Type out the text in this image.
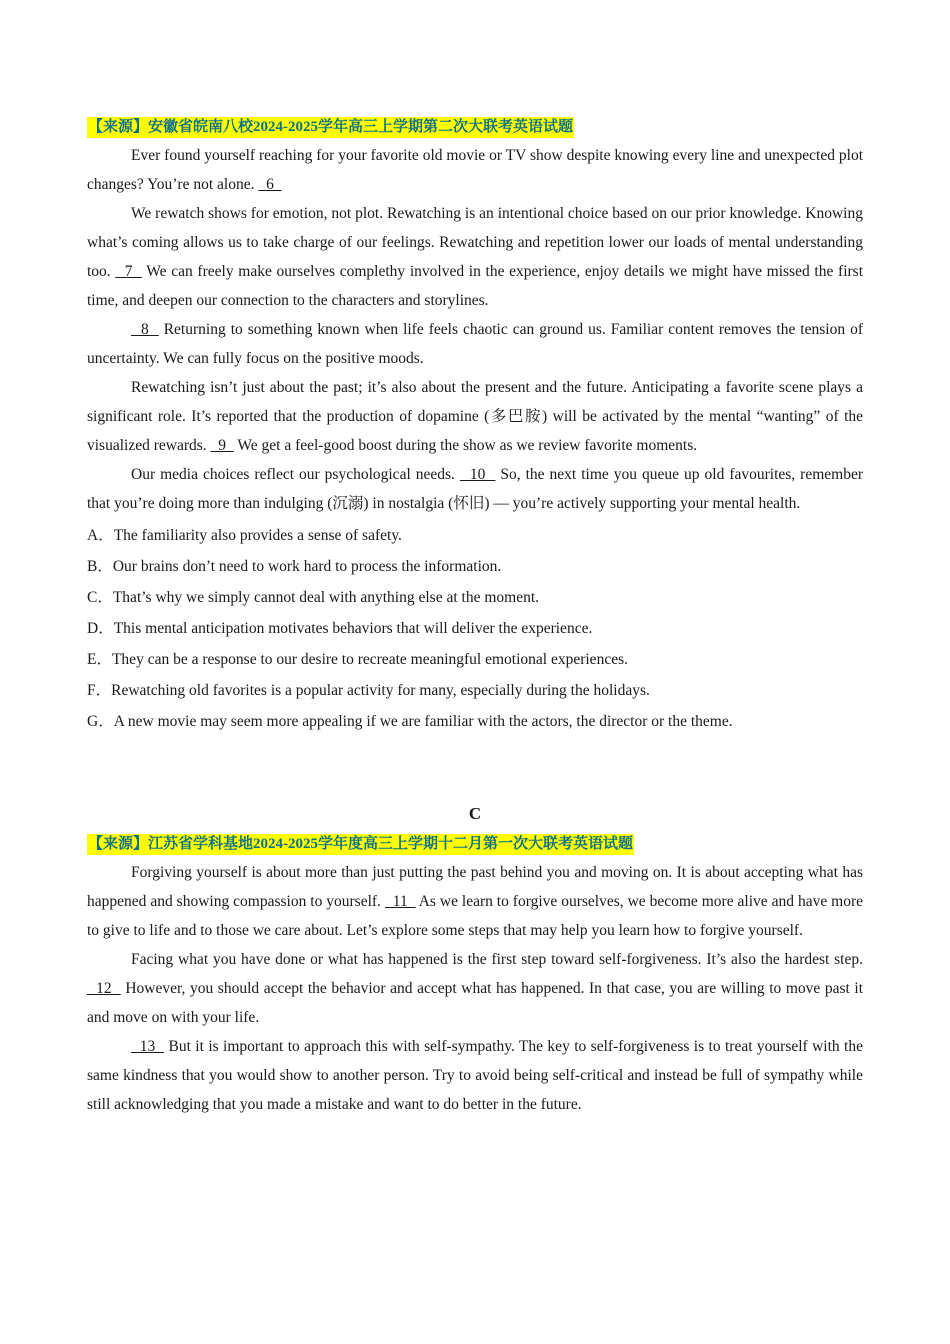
【来源】安徽省皖南八校2024-2025学年高三上学期第二次大联考英语试题

Ever found yourself reaching for your favorite old movie or TV show despite knowing every line and unexpected plot changes? You’re not alone.   6

We rewatch shows for emotion, not plot. Rewatching is an intentional choice based on our prior knowledge. Knowing what’s coming allows us to take charge of our feelings. Rewatching and repetition lower our loads of mental understanding too.   7   We can freely make ourselves complethy involved in the experience, enjoy details we might have missed the first time, and deepen our connection to the characters and storylines.

8   Returning to something known when life feels chaotic can ground us. Familiar content removes the tension of uncertainty. We can fully focus on the positive moods.

Rewatching isn’t just about the past; it’s also about the present and the future. Anticipating a favorite scene plays a significant role. It’s reported that the production of dopamine (多巴胺) will be activated by the mental “wanting” of the visualized rewards.   9   We get a feel-good boost during the show as we review favorite moments.

Our media choices reflect our psychological needs.   10   So, the next time you queue up old favourites, remember that you’re doing more than indulging (沉溺) in nostalgia (怀旧) — you’re actively supporting your mental health.

A．The familiarity also provides a sense of safety.

B．Our brains don’t need to work hard to process the information.

C．That’s why we simply cannot deal with anything else at the moment.

D．This mental anticipation motivates behaviors that will deliver the experience.

E．They can be a response to our desire to recreate meaningful emotional experiences.

F．Rewatching old favorites is a popular activity for many, especially during the holidays.

G．A new movie may seem more appealing if we are familiar with the actors, the director or the theme.

C
【来源】江苏省学科基地2024-2025学年度高三上学期十二月第一次大联考英语试题

Forgiving yourself is about more than just putting the past behind you and moving on. It is about accepting what has happened and showing compassion to yourself.   11   As we learn to forgive ourselves, we become more alive and have more to give to life and to those we care about. Let’s explore some steps that may help you learn how to forgive yourself.

Facing what you have done or what has happened is the first step toward self-forgiveness. It’s also the hardest step.   12   However, you should accept the behavior and accept what has happened. In that case, you are willing to move past it and move on with your life.

13   But it is important to approach this with self-sympathy. The key to self-forgiveness is to treat yourself with the same kindness that you would show to another person. Try to avoid being self-critical and instead be full of sympathy while still acknowledging that you made a mistake and want to do better in the future.
